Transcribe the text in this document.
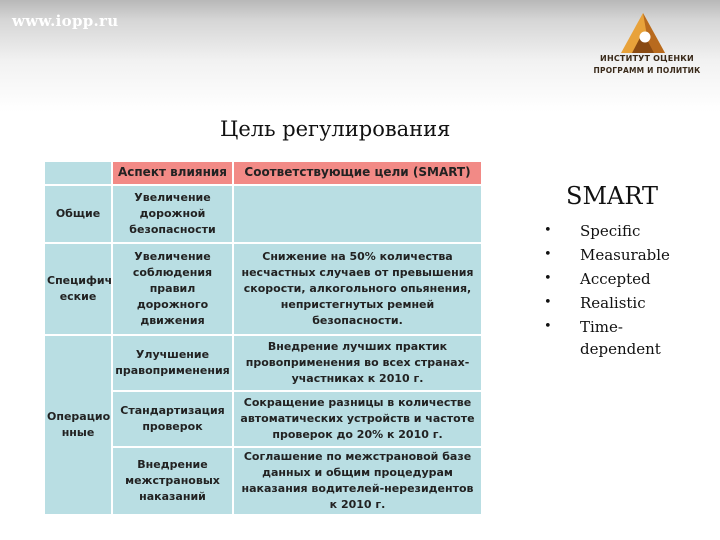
www.iopp.ru
ИНСТИТУТ ОЦЕНКИ
ПРОГРАММ И ПОЛИТИК
Цель регулирования
	Аспект влияния	Соответствующие цели (SMART)
Общие	Увеличение дорожной безопасности	
Специфич еские	Увеличение соблюдения правил дорожного движения	Снижение на 50% количества несчастных случаев от превышения скорости, алкогольного опьянения, непристегнутых ремней безопасности.
Операцио нные	Улучшение правоприменения	Внедрение лучших практик провоприменения во всех странах-участниках к 2010 г.
	Стандартизация проверок	Сокращение разницы в количестве автоматических устройств и частоте проверок до 20% к 2010 г.
	Внедрение межстрановых наказаний	Соглашение по межстрановой базе данных и общим процедурам наказания водителей-нерезидентов к 2010 г.
SMART
• Specific
• Measurable
• Accepted
• Realistic
• Time-dependent
